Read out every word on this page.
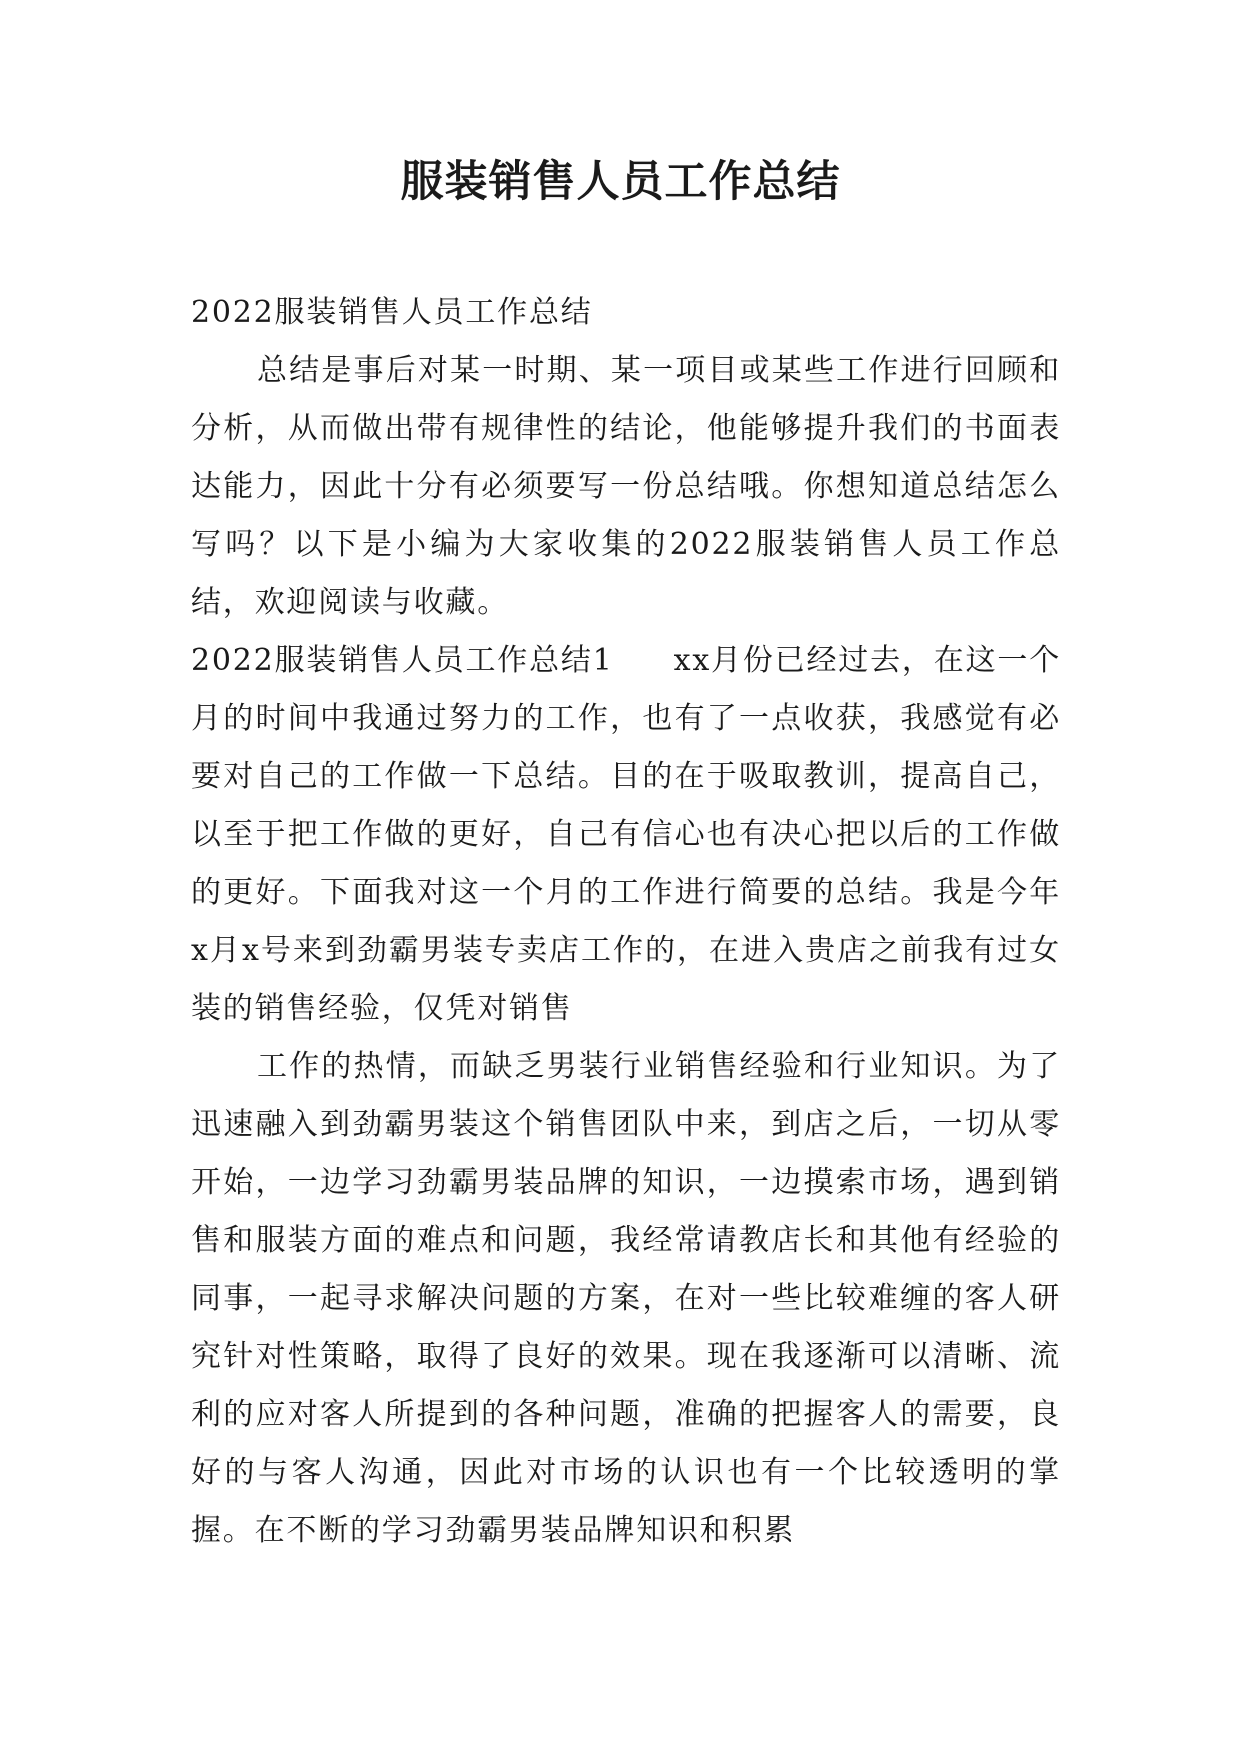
服装销售人员工作总结

2022服装销售人员工作总结

总结是事后对某一时期、某一项目或某些工作进行回顾和分析，从而做出带有规律性的结论，他能够提升我们的书面表达能力，因此十分有必须要写一份总结哦。你想知道总结怎么写吗？以下是小编为大家收集的2022服装销售人员工作总结，欢迎阅读与收藏。

2022服装销售人员工作总结1 xx月份已经过去，在这一个月的时间中我通过努力的工作，也有了一点收获，我感觉有必要对自己的工作做一下总结。目的在于吸取教训，提高自己，以至于把工作做的更好，自己有信心也有决心把以后的工作做的更好。下面我对这一个月的工作进行简要的总结。我是今年x月x号来到劲霸男装专卖店工作的，在进入贵店之前我有过女装的销售经验，仅凭对销售

工作的热情，而缺乏男装行业销售经验和行业知识。为了迅速融入到劲霸男装这个销售团队中来，到店之后，一切从零开始，一边学习劲霸男装品牌的知识，一边摸索市场，遇到销售和服装方面的难点和问题，我经常请教店长和其他有经验的同事，一起寻求解决问题的方案，在对一些比较难缠的客人研究针对性策略，取得了良好的效果。现在我逐渐可以清晰、流利的应对客人所提到的各种问题，准确的把握客人的需要，良好的与客人沟通，因此对市场的认识也有一个比较透明的掌握。在不断的学习劲霸男装品牌知识和积累
